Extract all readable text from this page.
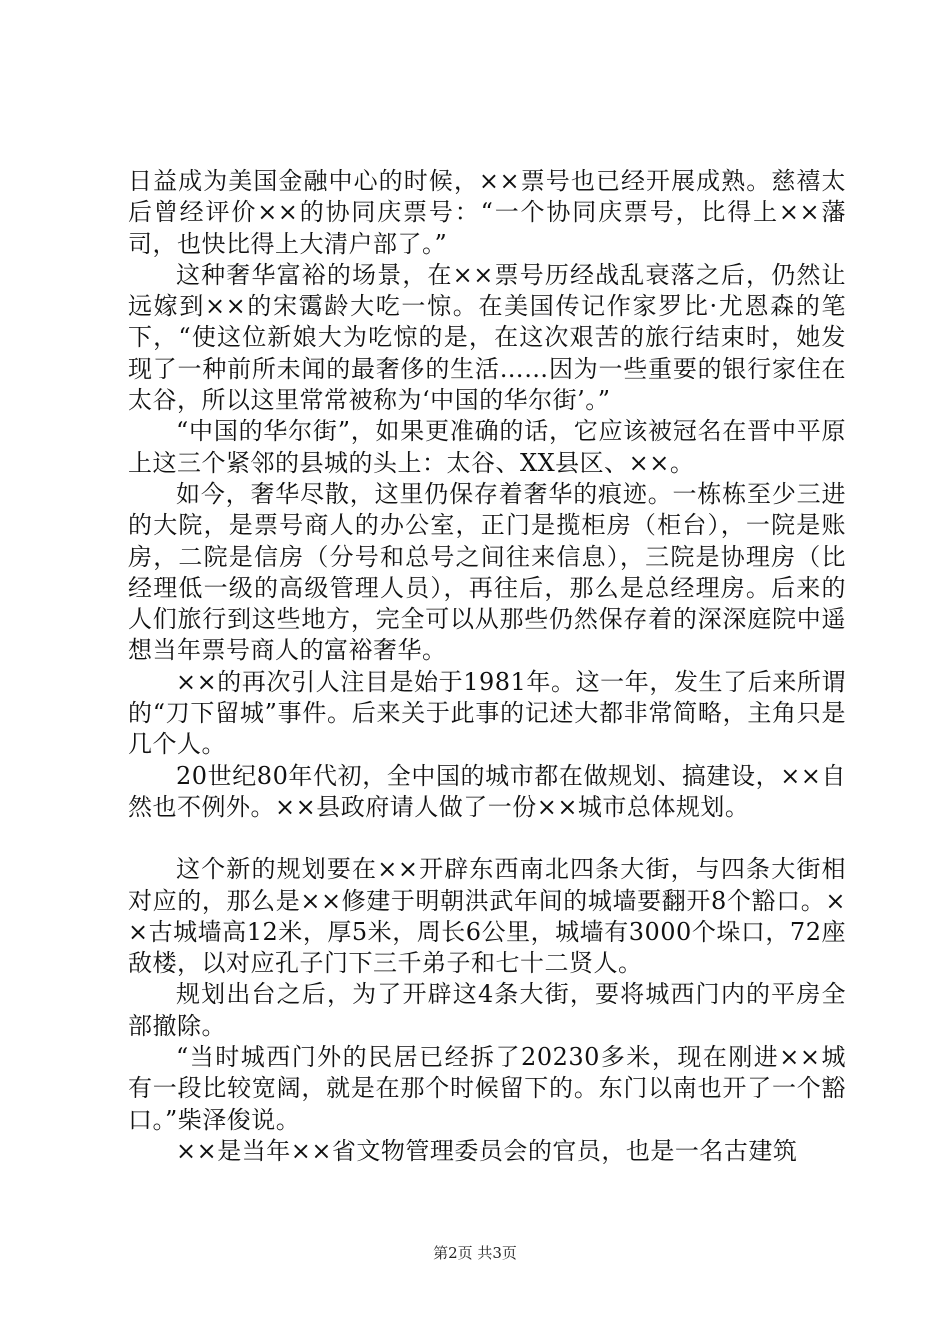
日益成为美国金融中心的时候，××票号也已经开展成熟。慈禧太后曾经评价××的协同庆票号：“一个协同庆票号，比得上××藩司，也快比得上大清户部了。”

这种奢华富裕的场景，在××票号历经战乱衰落之后，仍然让远嫁到××的宋霭龄大吃一惊。在美国传记作家罗比·尤恩森的笔下，“使这位新娘大为吃惊的是，在这次艰苦的旅行结束时，她发现了一种前所未闻的最奢侈的生活……因为一些重要的银行家住在太谷，所以这里常常被称为‘中国的华尔街’。”

“中国的华尔街”，如果更准确的话，它应该被冠名在晋中平原上这三个紧邻的县城的头上：太谷、XX县区、××。

如今，奢华尽散，这里仍保存着奢华的痕迹。一栋栋至少三进的大院，是票号商人的办公室，正门是揽柜房（柜台），一院是账房，二院是信房（分号和总号之间往来信息），三院是协理房（比经理低一级的高级管理人员），再往后，那么是总经理房。后来的人们旅行到这些地方，完全可以从那些仍然保存着的深深庭院中遥想当年票号商人的富裕奢华。

××的再次引人注目是始于1981年。这一年，发生了后来所谓的“刀下留城”事件。后来关于此事的记述大都非常简略，主角只是几个人。

20世纪80年代初，全中国的城市都在做规划、搞建设，××自然也不例外。××县政府请人做了一份××城市总体规划。

这个新的规划要在××开辟东西南北四条大街，与四条大街相对应的，那么是××修建于明朝洪武年间的城墙要翻开8个豁口。××古城墙高12米，厚5米，周长6公里，城墙有3000个垛口，72座敌楼，以对应孔子门下三千弟子和七十二贤人。

规划出台之后，为了开辟这4条大街，要将城西门内的平房全部撤除。

“当时城西门外的民居已经拆了20230多米，现在刚进××城有一段比较宽阔，就是在那个时候留下的。东门以南也开了一个豁口。”柴泽俊说。

××是当年××省文物管理委员会的官员，也是一名古建筑

第2页 共3页
